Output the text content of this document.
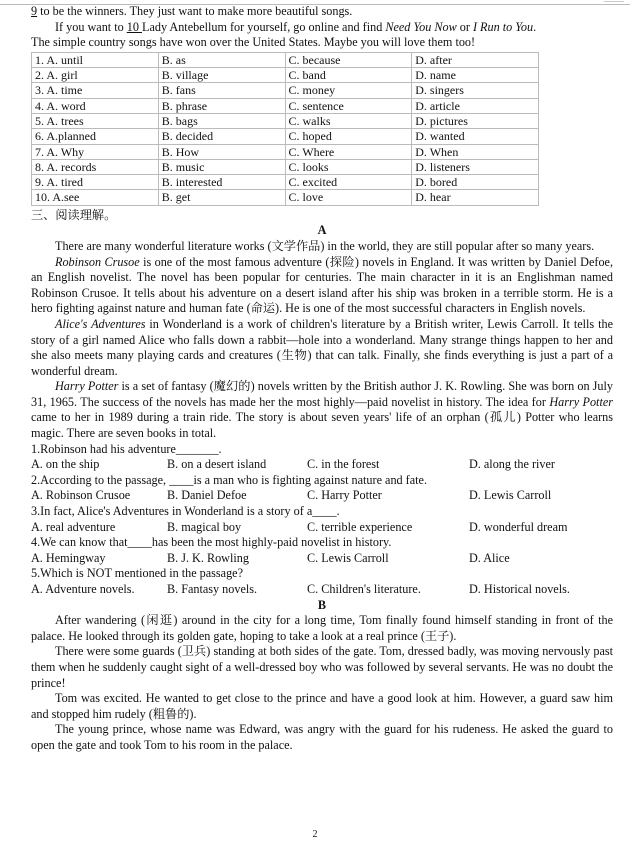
——

9 to be the winners. They just want to make more beautiful songs.

If you want to 10 Lady Antebellum for yourself, go online and find Need You Now or I Run to You.

The simple country songs have won over the United States. Maybe you will love them too!

1. A. until	B. as	C. because	D. after
2. A. girl	B. village	C. band	D. name
3. A. time	B. fans	C. money	D. singers
4. A. word	B. phrase	C. sentence	D. article
5. A. trees	B. bags	C. walks	D. pictures
6. A.planned	B. decided	C. hoped	D. wanted
7. A. Why	B. How	C. Where	D. When
8. A. records	B. music	C. looks	D. listeners
9. A. tired	B. interested	C. excited	D. bored
10. A.see	B. get	C. love	D. hear

三、阅读理解。

A

There are many wonderful literature works (文学作品) in the world, they are still popular after so many years.

Robinson Crusoe is one of the most famous adventure (探险) novels in England. It was written by Daniel Defoe, an English novelist. The novel has been popular for centuries. The main character in it is an Englishman named Robinson Crusoe. It tells about his adventure on a desert island after his ship was broken in a terrible storm. He is a hero fighting against nature and human fate (命运). He is one of the most successful characters in English novels.

Alice's Adventures in Wonderland is a work of children's literature by a British writer, Lewis Carroll. It tells the story of a girl named Alice who falls down a rabbit—hole into a wonderland. Many strange things happen to her and she also meets many playing cards and creatures (生物) that can talk. Finally, she finds everything is just a part of a wonderful dream.

Harry Potter is a set of fantasy (魔幻的) novels written by the British author J. K. Rowling. She was born on July 31, 1965. The success of the novels has made her the most highly—paid novelist in history. The idea for Harry Potter came to her in 1989 during a train ride. The story is about seven years' life of an orphan (孤儿) Potter who learns magic. There are seven books in total.

1.Robinson had his adventure_______.

A. on the ship	B. on a desert island	C. in the forest	D. along the river

2.According to the passage, ____is a man who is fighting against nature and fate.

A. Robinson Crusoe	B. Daniel Defoe	C. Harry Potter	D. Lewis Carroll

3.In fact, Alice's Adventures in Wonderland is a story of a____.

A. real adventure	B. magical boy	C. terrible experience	D. wonderful dream

4.We can know that____has been the most highly-paid novelist in history.

A. Hemingway	B. J. K. Rowling	C. Lewis Carroll	D. Alice

5.Which is NOT mentioned in the passage?

A. Adventure novels.	B. Fantasy novels.	C. Children's literature.	D. Historical novels.

B

After wandering (闲逛) around in the city for a long time, Tom finally found himself standing in front of the palace. He looked through its golden gate, hoping to take a look at a real prince (王子).

There were some guards (卫兵) standing at both sides of the gate. Tom, dressed badly, was moving nervously past them when he suddenly caught sight of a well-dressed boy who was followed by several servants. He was no doubt the prince!

Tom was excited. He wanted to get close to the prince and have a good look at him. However, a guard saw him and stopped him rudely (粗鲁的).

The young prince, whose name was Edward, was angry with the guard for his rudeness. He asked the guard to open the gate and took Tom to his room in the palace.

2
